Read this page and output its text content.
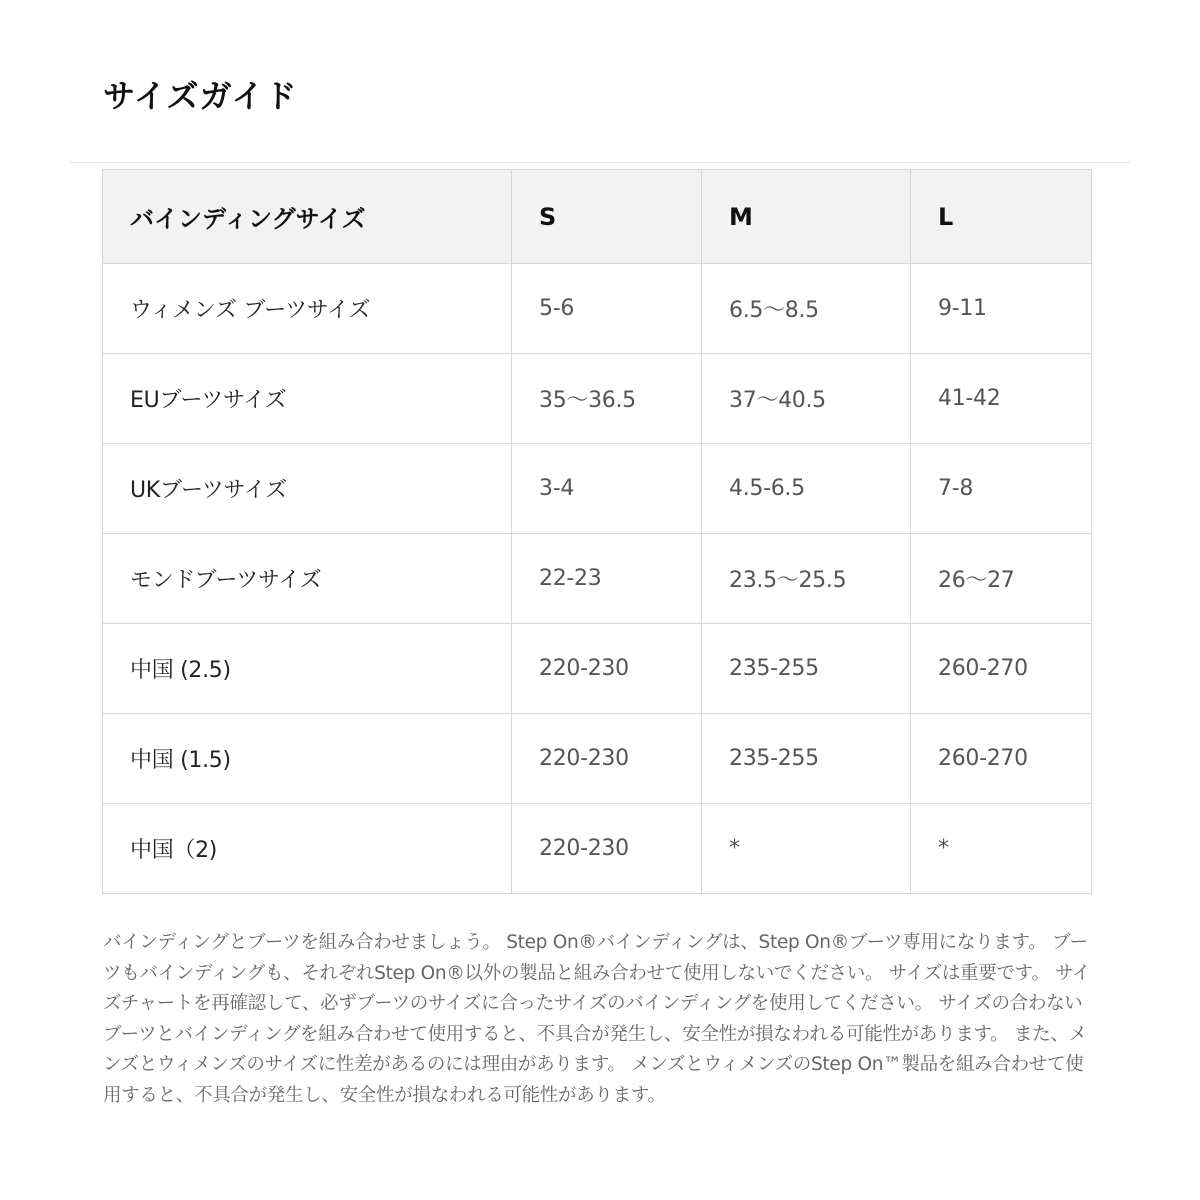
サイズガイド
バインディングサイズ	S	M	L
ウィメンズ ブーツサイズ	5-6	6.5〜8.5	9-11
EUブーツサイズ	35〜36.5	37〜40.5	41-42
UKブーツサイズ	3-4	4.5-6.5	7-8
モンドブーツサイズ	22-23	23.5〜25.5	26〜27
中国 (2.5)	220-230	235-255	260-270
中国 (1.5)	220-230	235-255	260-270
中国（2)	220-230	*	*

バインディングとブーツを組み合わせましょう。 Step On®バインディングは、Step On®ブーツ専用になります。 ブーツもバインディングも、それぞれStep On®以外の製品と組み合わせて使用しないでください。 サイズは重要です。 サイズチャートを再確認して、必ずブーツのサイズに合ったサイズのバインディングを使用してください。 サイズの合わないブーツとバインディングを組み合わせて使用すると、不具合が発生し、安全性が損なわれる可能性があります。 また、メンズとウィメンズのサイズに性差があるのには理由があります。 メンズとウィメンズのStep On™製品を組み合わせて使用すると、不具合が発生し、安全性が損なわれる可能性があります。
